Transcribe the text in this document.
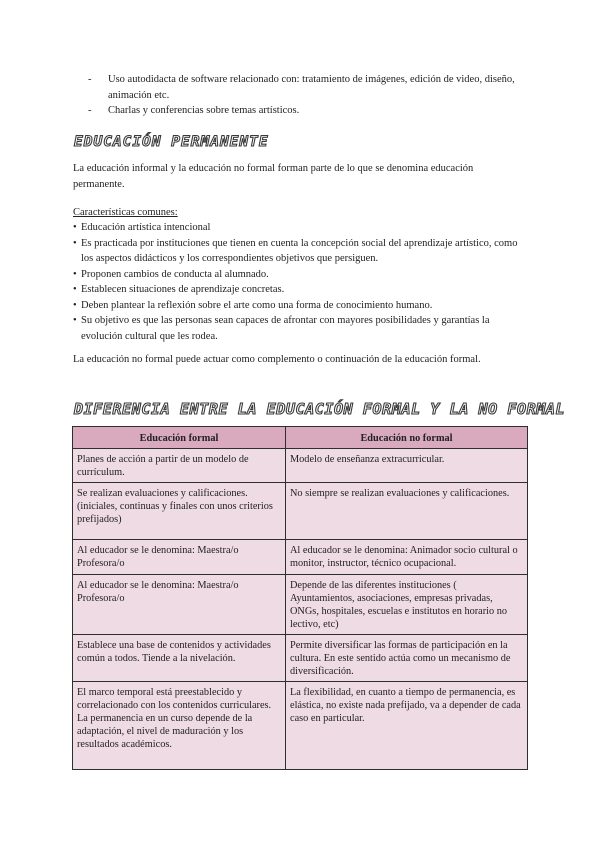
- Uso autodidacta de software relacionado con: tratamiento de imágenes, edición de video, diseño, animación etc.
- Charlas y conferencias sobre temas artísticos.
EDUCACIÓN PERMANENTE
La educación informal y la educación no formal forman parte de lo que se denomina educación permanente.
Características comunes:
• Educación artística intencional
• Es practicada por instituciones que tienen en cuenta la concepción social del aprendizaje artístico, como los aspectos didácticos y los correspondientes objetivos que persiguen.
• Proponen cambios de conducta al alumnado.
• Establecen situaciones de aprendizaje concretas.
• Deben plantear la reflexión sobre el arte como una forma de conocimiento humano.
• Su objetivo es que las personas sean capaces de afrontar con mayores posibilidades y garantías la evolución cultural que les rodea.
La educación no formal puede actuar como complemento o continuación de la educación formal.
DIFERENCIA ENTRE LA EDUCACIÓN FORMAL Y LA NO FORMAL
Educación formal	Educación no formal
Planes de acción a partir de un modelo de currículum.	Modelo de enseñanza extracurricular.
Se realizan evaluaciones y calificaciones. (iniciales, continuas y finales con unos criterios prefijados)	No siempre se realizan evaluaciones y calificaciones.
Al educador se le denomina: Maestra/o Profesora/o	Al educador se le denomina: Animador socio cultural o monitor, instructor, técnico ocupacional.
Al educador se le denomina: Maestra/o Profesora/o	Depende de las diferentes instituciones ( Ayuntamientos, asociaciones, empresas privadas, ONGs, hospitales, escuelas e institutos en horario no lectivo, etc)
Establece una base de contenidos y actividades común a todos. Tiende a la nivelación.	Permite diversificar las formas de participación en la cultura. En este sentido actúa como un mecanismo de diversificación.
El marco temporal está preestablecido y correlacionado con los contenidos curriculares. La permanencia en un curso depende de la adaptación, el nivel de maduración y los resultados académicos.	La flexibilidad, en cuanto a tiempo de permanencia, es elástica, no existe nada prefijado, va a depender de cada caso en particular.
